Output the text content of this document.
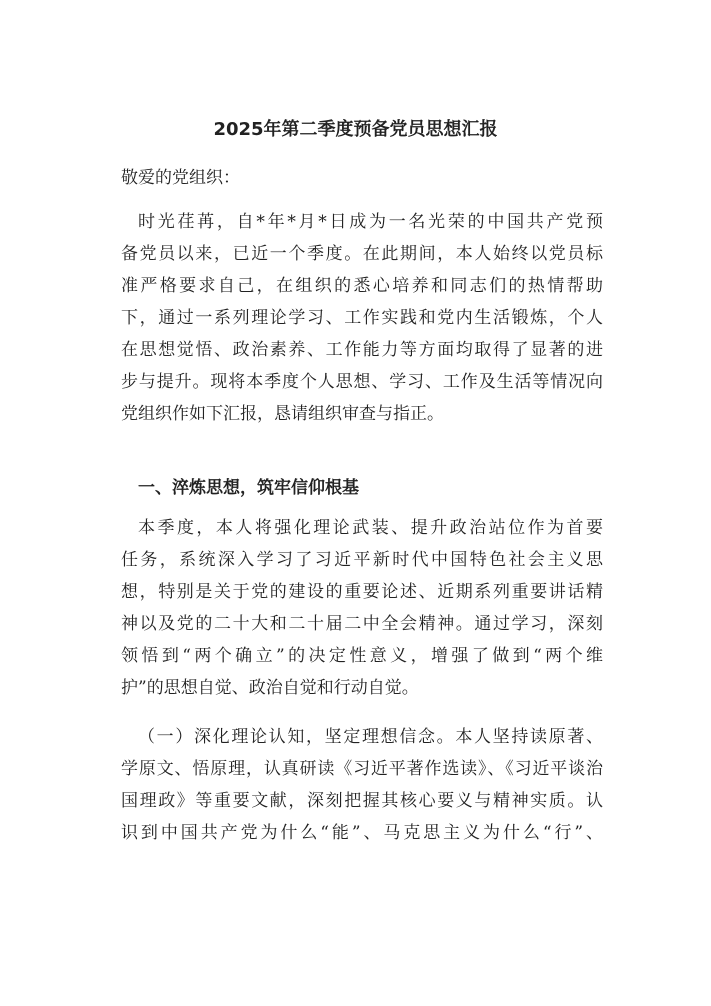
2025年第二季度预备党员思想汇报

敬爱的党组织：

时光荏苒，自*年*月*日成为一名光荣的中国共产党预
备党员以来，已近一个季度。在此期间，本人始终以党员标
准严格要求自己，在组织的悉心培养和同志们的热情帮助
下，通过一系列理论学习、工作实践和党内生活锻炼，个人
在思想觉悟、政治素养、工作能力等方面均取得了显著的进
步与提升。现将本季度个人思想、学习、工作及生活等情况向
党组织作如下汇报，恳请组织审查与指正。
一、淬炼思想，筑牢信仰根基
本季度，本人将强化理论武装、提升政治站位作为首要
任务，系统深入学习了习近平新时代中国特色社会主义思
想，特别是关于党的建设的重要论述、近期系列重要讲话精
神以及党的二十大和二十届二中全会精神。通过学习，深刻
领悟到“两个确立”的决定性意义，增强了做到“两个维
护”的思想自觉、政治自觉和行动自觉。
（一）深化理论认知，坚定理想信念。本人坚持读原著、
学原文、悟原理，认真研读《习近平著作选读》、《习近平谈治
国理政》等重要文献，深刻把握其核心要义与精神实质。认
识到中国共产党为什么“能”、马克思主义为什么“行”、
